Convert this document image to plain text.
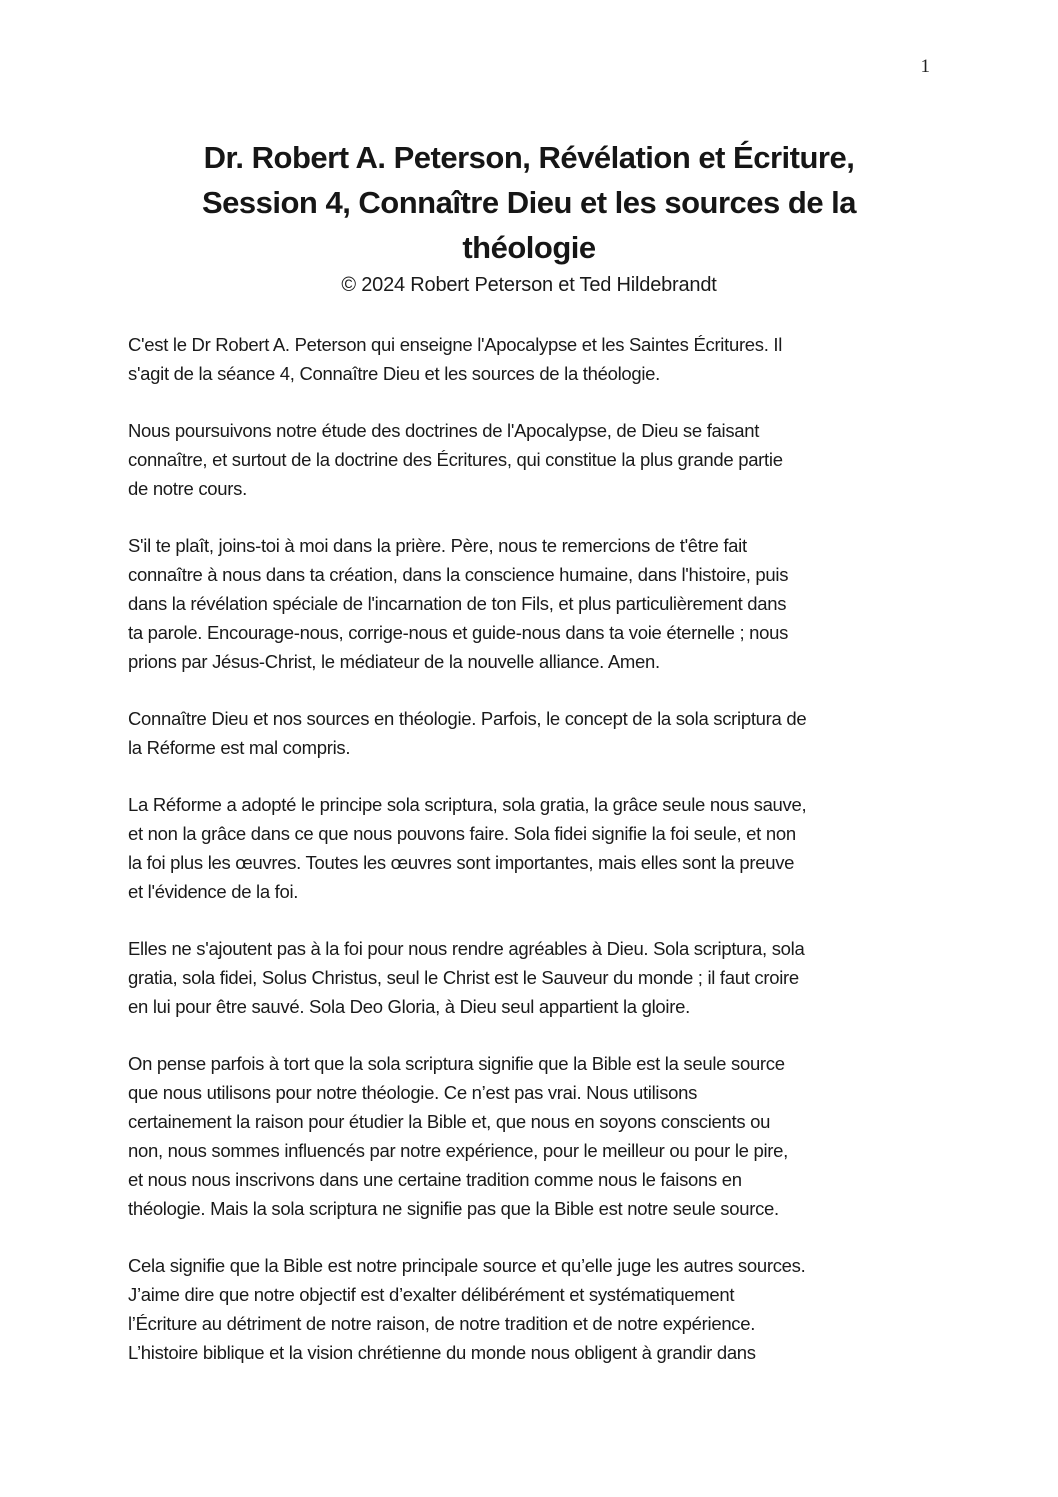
1
Dr. Robert A. Peterson, Révélation et Écriture,
Session 4, Connaître Dieu et les sources de la
théologie
© 2024 Robert Peterson et Ted Hildebrandt
C'est le Dr Robert A. Peterson qui enseigne l'Apocalypse et les Saintes Écritures. Il
s'agit de la séance 4, Connaître Dieu et les sources de la théologie.
Nous poursuivons notre étude des doctrines de l'Apocalypse, de Dieu se faisant
connaître, et surtout de la doctrine des Écritures, qui constitue la plus grande partie
de notre cours.
S'il te plaît, joins-toi à moi dans la prière. Père, nous te remercions de t'être fait
connaître à nous dans ta création, dans la conscience humaine, dans l'histoire, puis
dans la révélation spéciale de l'incarnation de ton Fils, et plus particulièrement dans
ta parole. Encourage-nous, corrige-nous et guide-nous dans ta voie éternelle ; nous
prions par Jésus-Christ, le médiateur de la nouvelle alliance. Amen.
Connaître Dieu et nos sources en théologie. Parfois, le concept de la sola scriptura de
la Réforme est mal compris.
La Réforme a adopté le principe sola scriptura, sola gratia, la grâce seule nous sauve,
et non la grâce dans ce que nous pouvons faire. Sola fidei signifie la foi seule, et non
la foi plus les œuvres. Toutes les œuvres sont importantes, mais elles sont la preuve
et l'évidence de la foi.
Elles ne s'ajoutent pas à la foi pour nous rendre agréables à Dieu. Sola scriptura, sola
gratia, sola fidei, Solus Christus, seul le Christ est le Sauveur du monde ; il faut croire
en lui pour être sauvé. Sola Deo Gloria, à Dieu seul appartient la gloire.
On pense parfois à tort que la sola scriptura signifie que la Bible est la seule source
que nous utilisons pour notre théologie. Ce n’est pas vrai. Nous utilisons
certainement la raison pour étudier la Bible et, que nous en soyons conscients ou
non, nous sommes influencés par notre expérience, pour le meilleur ou pour le pire,
et nous nous inscrivons dans une certaine tradition comme nous le faisons en
théologie. Mais la sola scriptura ne signifie pas que la Bible est notre seule source.
Cela signifie que la Bible est notre principale source et qu’elle juge les autres sources.
J’aime dire que notre objectif est d’exalter délibérément et systématiquement
l’Écriture au détriment de notre raison, de notre tradition et de notre expérience.
L’histoire biblique et la vision chrétienne du monde nous obligent à grandir dans
